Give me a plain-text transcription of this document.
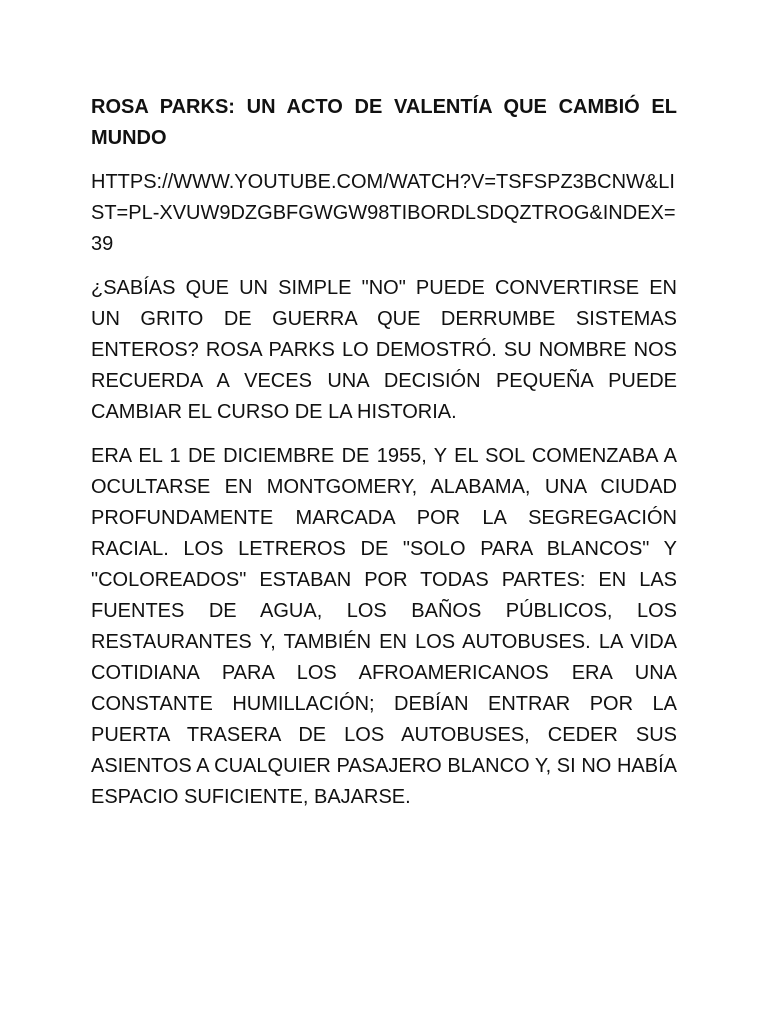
ROSA PARKS: UN ACTO DE VALENTÍA QUE CAMBIÓ EL MUNDO
HTTPS://WWW.YOUTUBE.COM/WATCH?V=TSFSPZ3BCNW&LIST=PL-XVUW9DZGBFGWGW98TIBORDLSDQZTROG&INDEX=39
¿SABÍAS QUE UN SIMPLE "NO" PUEDE CONVERTIRSE EN UN GRITO DE GUERRA QUE DERRUMBE SISTEMAS ENTEROS? ROSA PARKS LO DEMOSTRÓ. SU NOMBRE NOS RECUERDA A VECES UNA DECISIÓN PEQUEÑA PUEDE CAMBIAR EL CURSO DE LA HISTORIA.
ERA EL 1 DE DICIEMBRE DE 1955, Y EL SOL COMENZABA A OCULTARSE EN MONTGOMERY, ALABAMA, UNA CIUDAD PROFUNDAMENTE MARCADA POR LA SEGREGACIÓN RACIAL. LOS LETREROS DE "SOLO PARA BLANCOS" Y "COLOREADOS" ESTABAN POR TODAS PARTES: EN LAS FUENTES DE AGUA, LOS BAÑOS PÚBLICOS, LOS RESTAURANTES Y, TAMBIÉN EN LOS AUTOBUSES. LA VIDA COTIDIANA PARA LOS AFROAMERICANOS ERA UNA CONSTANTE HUMILLACIÓN; DEBÍAN ENTRAR POR LA PUERTA TRASERA DE LOS AUTOBUSES, CEDER SUS ASIENTOS A CUALQUIER PASAJERO BLANCO Y, SI NO HABÍA ESPACIO SUFICIENTE, BAJARSE.
